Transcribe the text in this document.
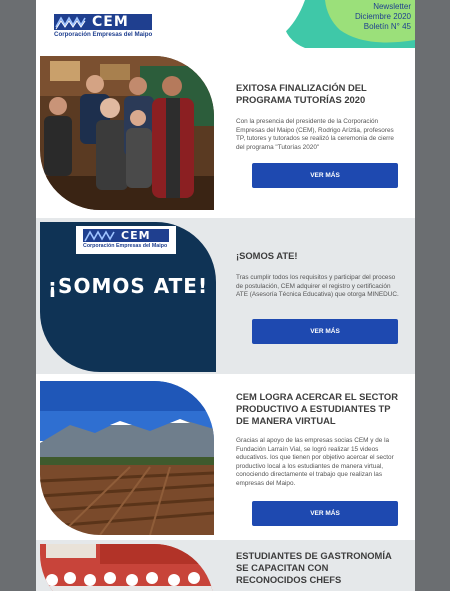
CEM
Corporación Empresas del Maipo
Newsletter
Diciembre 2020
Boletín N° 45
EXITOSA FINALIZACIÓN DEL PROGRAMA TUTORÍAS 2020
Con la presencia del presidente de la Corporación Empresas del Maipo (CEM), Rodrigo Aríztia, profesores TP, tutores y tutorados se realizó la ceremonia de cierre del programa "Tutorías 2020"
VER MÁS
CEM
Corporación Empresas del Maipo
¡SOMOS ATE!
¡SOMOS ATE!
Tras cumplir todos los requisitos y participar del proceso de postulación, CEM adquirer el registro y certificación ATE (Asesoría Técnica Educativa) que otorga MINEDUC.
VER MÁS
CEM LOGRA ACERCAR EL SECTOR PRODUCTIVO A ESTUDIANTES TP DE MANERA VIRTUAL
Gracias al apoyo de las empresas socias CEM y de la Fundación Larraín Vial, se logró realizar 15 videos educativos. los que tienen por objetivo acercar el sector productivo local a los estudiantes de manera virtual, conociendo directamente el trabajo que realizan las empresas del Maipo.
VER MÁS
ESTUDIANTES DE GASTRONOMÍA SE CAPACITAN CON RECONOCIDOS CHEFS
